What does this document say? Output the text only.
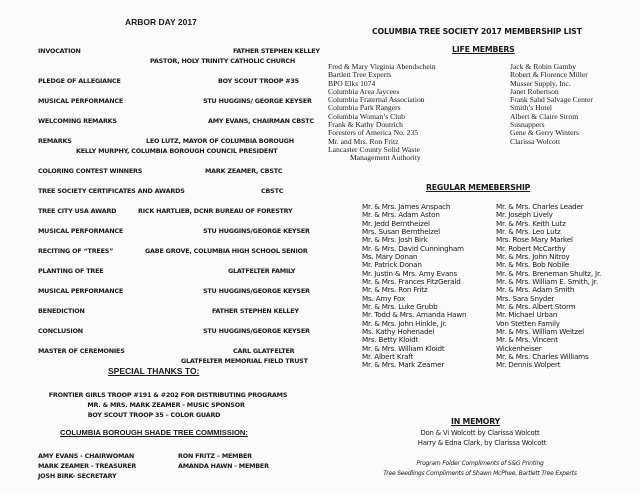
ARBOR DAY 2017
INVOCATION	FATHER STEPHEN KELLEY
PASTOR, HOLY TRINITY CATHOLIC CHURCH
PLEDGE OF ALLEGIANCE	BOY SCOUT TROOP #35
MUSICAL PERFORMANCE	STU HUGGINS/ GEORGE KEYSER
WELCOMING REMARKS	AMY EVANS, CHAIRMAN CBSTC
REMARKS	LEO LUTZ, MAYOR OF COLUMBIA BOROUGH
KELLY MURPHY, COLUMBIA BOROUGH COUNCIL PRESIDENT
COLORING CONTEST WINNERS	MARK ZEAMER, CBSTC
TREE SOCIETY CERTIFICATES AND AWARDS	CBSTC
TREE CITY USA AWARD	RICK HARTLIEB, DCNR BUREAU OF FORESTRY
MUSICAL PERFORMANCE	STU HUGGINS/GEORGE KEYSER
RECITING OF “TREES”	GABE GROVE, COLUMBIA HIGH SCHOOL SENIOR
PLANTING OF TREE	GLATFELTER FAMILY
MUSICAL PERFORMANCE	STU HUGGINS/GEORGE KEYSER
BENEDICTION	FATHER STEPHEN KELLEY
CONCLUSION	STU HUGGINS/GEORGE KEYSER
MASTER OF CEREMONIES	CARL GLATFELTER
GLATFELTER MEMORIAL FIELD TRUST
SPECIAL THANKS TO:
FRONTIER GIRLS TROOP #191 & #202 FOR DISTRIBUTING PROGRAMS
MR. & MRS. MARK ZEAMER - MUSIC SPONSOR
BOY SCOUT TROOP 35 – COLOR GUARD
COLUMBIA BOROUGH SHADE TREE COMMISSION:
AMY EVANS - CHAIRWOMAN
MARK ZEAMER - TREASURER
JOSH BIRK- SECRETARY
RON FRITZ – MEMBER
AMANDA HAWN - MEMBER
COLUMBIA TREE SOCIETY 2017 MEMBERSHIP LIST
LIFE MEMBERS
Fred & Mary Virginia Abendschein
Bartlett Tree Experts
BPO Elks 1074
Columbia Area Jaycees
Columbia Fraternal Association
Columbia Park Rangers
Columbia Woman’s Club
Frank & Kathy Doutrich
Foresters of America No. 235
Mr. and Mrs. Ron Fritz
Lancaster County Solid Waste
Management Authority
Jack & Robin Gamby
Robert & Florence Miller
Musser Supply, Inc.
Janet Robertson
Frank Sahd Salvage Center
Smith’s Hotel
Albert & Claire Strom
Susnappers
Gene & Gerry Winters
Clarissa Wolcott
REGULAR MEMEBERSHIP
Mr. & Mrs. James Anspach
Mr. & Mrs. Adam Aston
Mr. Jedd Berntheizel
Mrs. Susan Berntheizel
Mr. & Mrs. Josh Birk
Mr. & Mrs. David Cunningham
Ms. Mary Donan
Mr. Patrick Donan
Mr. Justin & Mrs. Amy Evans
Mr. & Mrs. Frances FitzGerald
Mr. & Mrs. Ron Fritz
Ms. Amy Fox
Mr. & Mrs. Luke Grubb
Mr. Todd & Mrs. Amanda Hawn
Mr. & Mrs. John Hinkle, Jr.
Ms. Kathy Hohenadel
Mrs. Betty Kloidt
Mr. & Mrs. William Kloidt
Mr. Albert Kraft
Mr. & Mrs. Mark Zeamer
Mr. & Mrs. Charles Leader
Mr. Joseph Lively
Mr. & Mrs. Keith Lutz
Mr. & Mrs. Leo Lutz
Mrs. Rose Mary Markel
Mr. Robert McCarthy
Mr. & Mrs. John Nitroy
Mr. & Mrs. Bob Nobile
Mr. & Mrs. Breneman Shultz, Jr.
Mr. & Mrs. William E. Smith, Jr.
Mr. & Mrs. Adam Smith
Mrs. Sara Snyder
Mr. & Mrs. Albert Storm
Mr. Michael Urban
Von Stetten Family
Mr. & Mrs. William Weitzel
Mr. & Mrs. Vincent
Wickenheiser
Mr. & Mrs. Charles Williams
Mr. Dennis Wolpert
IN MEMORY
Don & Vi Wolcott by Clarissa Wolcott
Harry & Edna Clark, by Clarissa Wolcott
Program Folder Compliments of S&G Printing
Tree Seedlings Compliments of Shawn McPhee, Bartlett Tree Experts
